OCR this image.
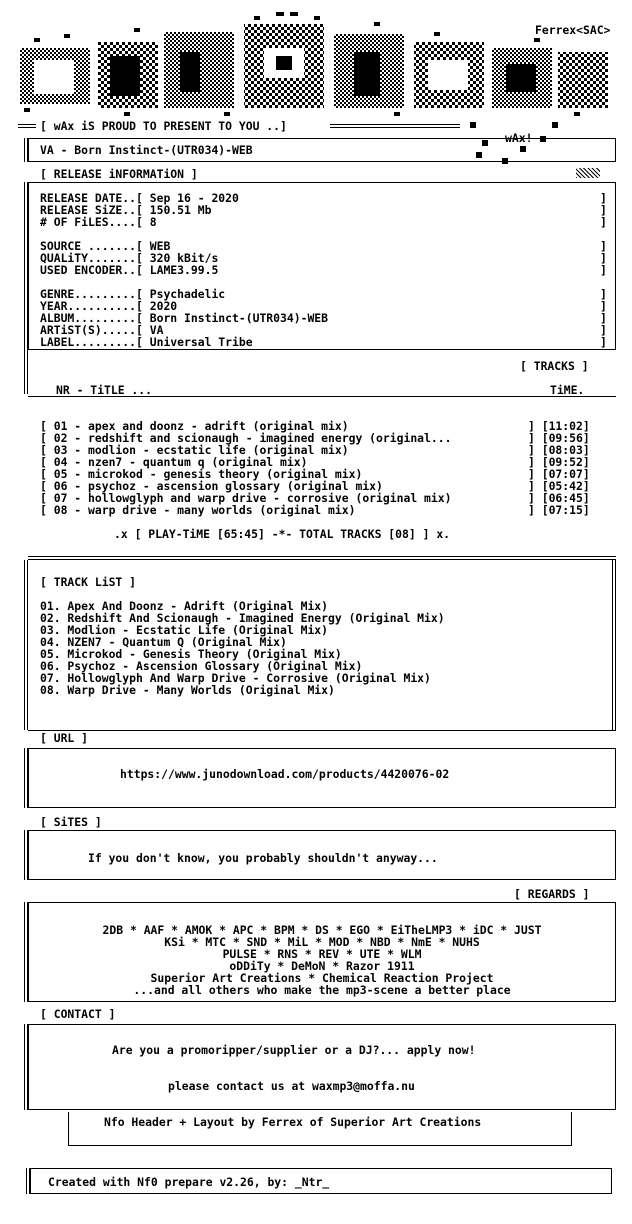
Ferrex<SAC>
wAx
[ wAx iS PROUD TO PRESENT TO YOU ..]
wAx!
VA - Born Instinct-(UTR034)-WEB
[ RELEASE iNFORMATiON ]
RELEASE DATE..[ Sep 16 - 2020	]
RELEASE SiZE..[ 150.51 Mb	]
# OF FiLES....[ 8	]
SOURCE .......[ WEB	]
QUALiTY.......[ 320 kBit/s	]
USED ENCODER..[ LAME3.99.5	]
GENRE.........[ Psychadelic	]
YEAR..........[ 2020	]
ALBUM.........[ Born Instinct-(UTR034)-WEB	]
ARTiST(S).....[ VA	]
LABEL.........[ Universal Tribe	]
[ TRACKS ]
NR - TiTLE ...	TiME.
[ 01 - apex and doonz - adrift (original mix)	] [11:02]
[ 02 - redshift and scionaugh - imagined energy (original...	] [09:56]
[ 03 - modlion - ecstatic life (original mix)	] [08:03]
[ 04 - nzen7 - quantum q (original mix)	] [09:52]
[ 05 - microkod - genesis theory (original mix)	] [07:07]
[ 06 - psychoz - ascension glossary (original mix)	] [05:42]
[ 07 - hollowglyph and warp drive - corrosive (original mix)	] [06:45]
[ 08 - warp drive - many worlds (original mix)	] [07:15]
.x [ PLAY-TiME [65:45] -*- TOTAL TRACKS [08] ] x.
[ TRACK LiST ]
01. Apex And Doonz - Adrift (Original Mix)
02. Redshift And Scionaugh - Imagined Energy (Original Mix)
03. Modlion - Ecstatic Life (Original Mix)
04. NZEN7 - Quantum Q (Original Mix)
05. Microkod - Genesis Theory (Original Mix)
06. Psychoz - Ascension Glossary (Original Mix)
07. Hollowglyph And Warp Drive - Corrosive (Original Mix)
08. Warp Drive - Many Worlds (Original Mix)
[ URL ]
https://www.junodownload.com/products/4420076-02
[ SiTES ]
If you don't know, you probably shouldn't anyway...
[ REGARDS ]
2DB * AAF * AMOK * APC * BPM * DS * EGO * EiTheLMP3 * iDC * JUST
KSi * MTC * SND * MiL * MOD * NBD * NmE * NUHS
PULSE * RNS * REV * UTE * WLM
oDDiTy * DeMoN * Razor 1911
Superior Art Creations * Chemical Reaction Project
...and all others who make the mp3-scene a better place
[ CONTACT ]
Are you a promoripper/supplier or a DJ?... apply now!
please contact us at waxmp3@moffa.nu
Nfo Header + Layout by Ferrex of Superior Art Creations
Created with Nf0 prepare v2.26, by: _Ntr_
